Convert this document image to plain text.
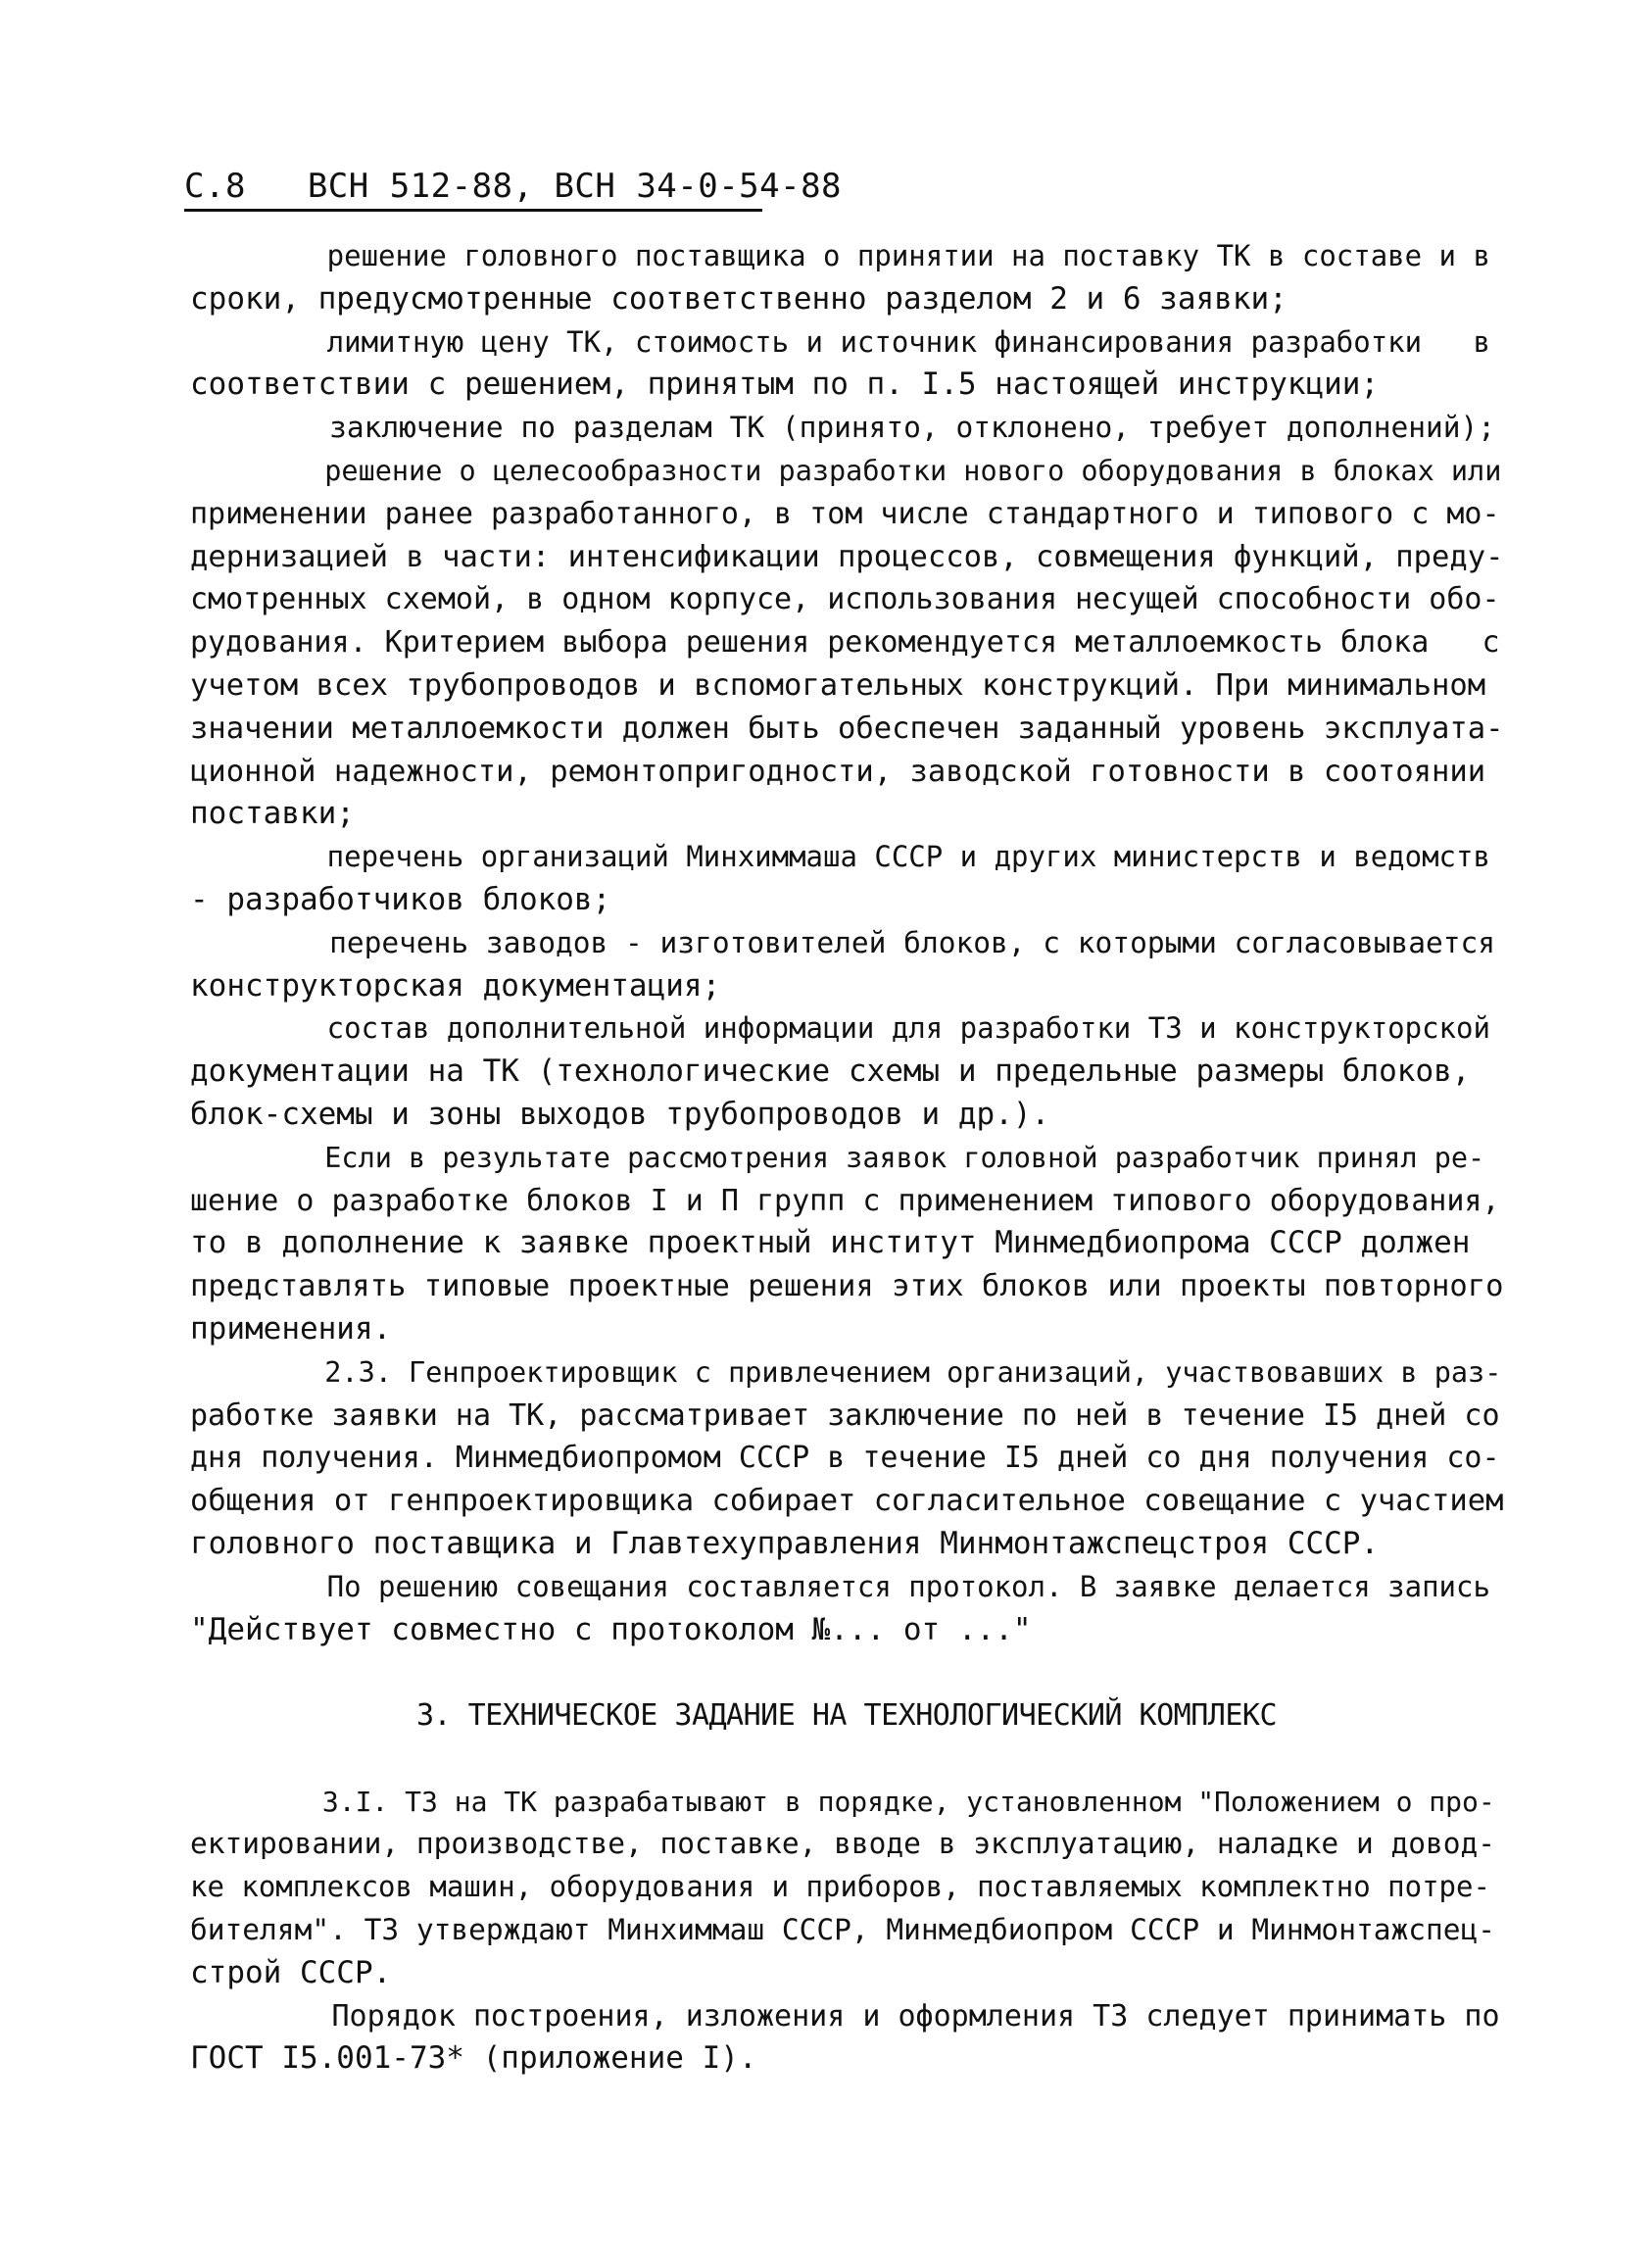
С.8   ВСН 512-88, ВСН 34-0-54-88
решение головного поставщика о принятии на поставку ТК в составе и в
сроки, предусмотренные соответственно разделом 2 и 6 заявки;
лимитную цену ТК, стоимость и источник финансирования разработки   в
соответствии с решением, принятым по п. I.5 настоящей инструкции;
заключение по разделам ТК (принято, отклонено, требует дополнений);
решение о целесообразности разработки нового оборудования в блоках или
применении ранее разработанного, в том числе стандартного и типового с мо-
дернизацией в части: интенсификации процессов, совмещения функций, преду-
смотренных схемой, в одном корпусе, использования несущей способности обо-
рудования. Критерием выбора решения рекомендуется металлоемкость блока   с
учетом всех трубопроводов и вспомогательных конструкций. При минимальном
значении металлоемкости должен быть обеспечен заданный уровень эксплуата-
ционной надежности, ремонтопригодности, заводской готовности в соотоянии
поставки;
перечень организаций Минхиммаша СССР и других министерств и ведомств
- разработчиков блоков;
перечень заводов - изготовителей блоков, с которыми согласовывается
конструкторская документация;
состав дополнительной информации для разработки ТЗ и конструкторской
документации на ТК (технологические схемы и предельные размеры блоков,
блок-схемы и зоны выходов трубопроводов и др.).
Если в результате рассмотрения заявок головной разработчик принял ре-
шение о разработке блоков I и П групп с применением типового оборудования,
то в дополнение к заявке проектный институт Минмедбиопрома СССР должен
представлять типовые проектные решения этих блоков или проекты повторного
применения.
2.3. Генпроектировщик с привлечением организаций, участвовавших в раз-
работке заявки на ТК, рассматривает заключение по ней в течение I5 дней со
дня получения. Минмедбиопромом СССР в течение I5 дней со дня получения со-
общения от генпроектировщика собирает согласительное совещание с участием
головного поставщика и Главтехуправления Минмонтажспецстроя СССР.
По решению совещания составляется протокол. В заявке делается запись
"Действует совместно с протоколом №... от ..."
3. ТЕХНИЧЕСКОЕ ЗАДАНИЕ НА ТЕХНОЛОГИЧЕСКИЙ КОМПЛЕКС
3.I. ТЗ на ТК разрабатывают в порядке, установленном "Положением о про-
ектировании, производстве, поставке, вводе в эксплуатацию, наладке и довод-
ке комплексов машин, оборудования и приборов, поставляемых комплектно потре-
бителям". ТЗ утверждают Минхиммаш СССР, Минмедбиопром СССР и Минмонтажспец-
строй СССР.
Порядок построения, изложения и оформления ТЗ следует принимать по
ГОСТ I5.001-73* (приложение I).
